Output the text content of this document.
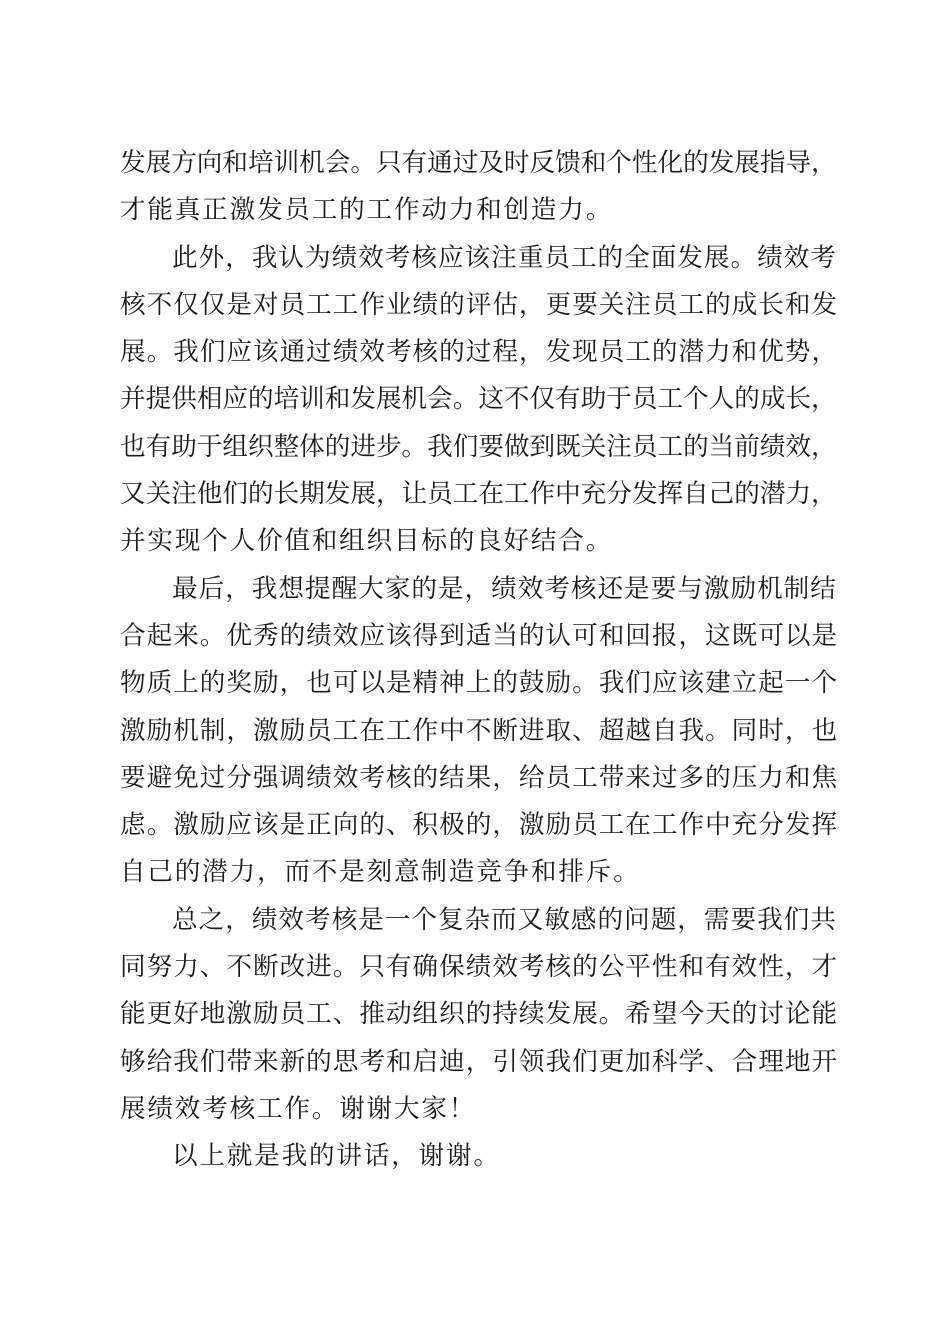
发展方向和培训机会。只有通过及时反馈和个性化的发展指导，
才能真正激发员工的工作动力和创造力。
此外，我认为绩效考核应该注重员工的全面发展。绩效考
核不仅仅是对员工工作业绩的评估，更要关注员工的成长和发
展。我们应该通过绩效考核的过程，发现员工的潜力和优势，
并提供相应的培训和发展机会。这不仅有助于员工个人的成长，
也有助于组织整体的进步。我们要做到既关注员工的当前绩效，
又关注他们的长期发展，让员工在工作中充分发挥自己的潜力，
并实现个人价值和组织目标的良好结合。
最后，我想提醒大家的是，绩效考核还是要与激励机制结
合起来。优秀的绩效应该得到适当的认可和回报，这既可以是
物质上的奖励，也可以是精神上的鼓励。我们应该建立起一个
激励机制，激励员工在工作中不断进取、超越自我。同时，也
要避免过分强调绩效考核的结果，给员工带来过多的压力和焦
虑。激励应该是正向的、积极的，激励员工在工作中充分发挥
自己的潜力，而不是刻意制造竞争和排斥。
总之，绩效考核是一个复杂而又敏感的问题，需要我们共
同努力、不断改进。只有确保绩效考核的公平性和有效性，才
能更好地激励员工、推动组织的持续发展。希望今天的讨论能
够给我们带来新的思考和启迪，引领我们更加科学、合理地开
展绩效考核工作。谢谢大家！
以上就是我的讲话，谢谢。
